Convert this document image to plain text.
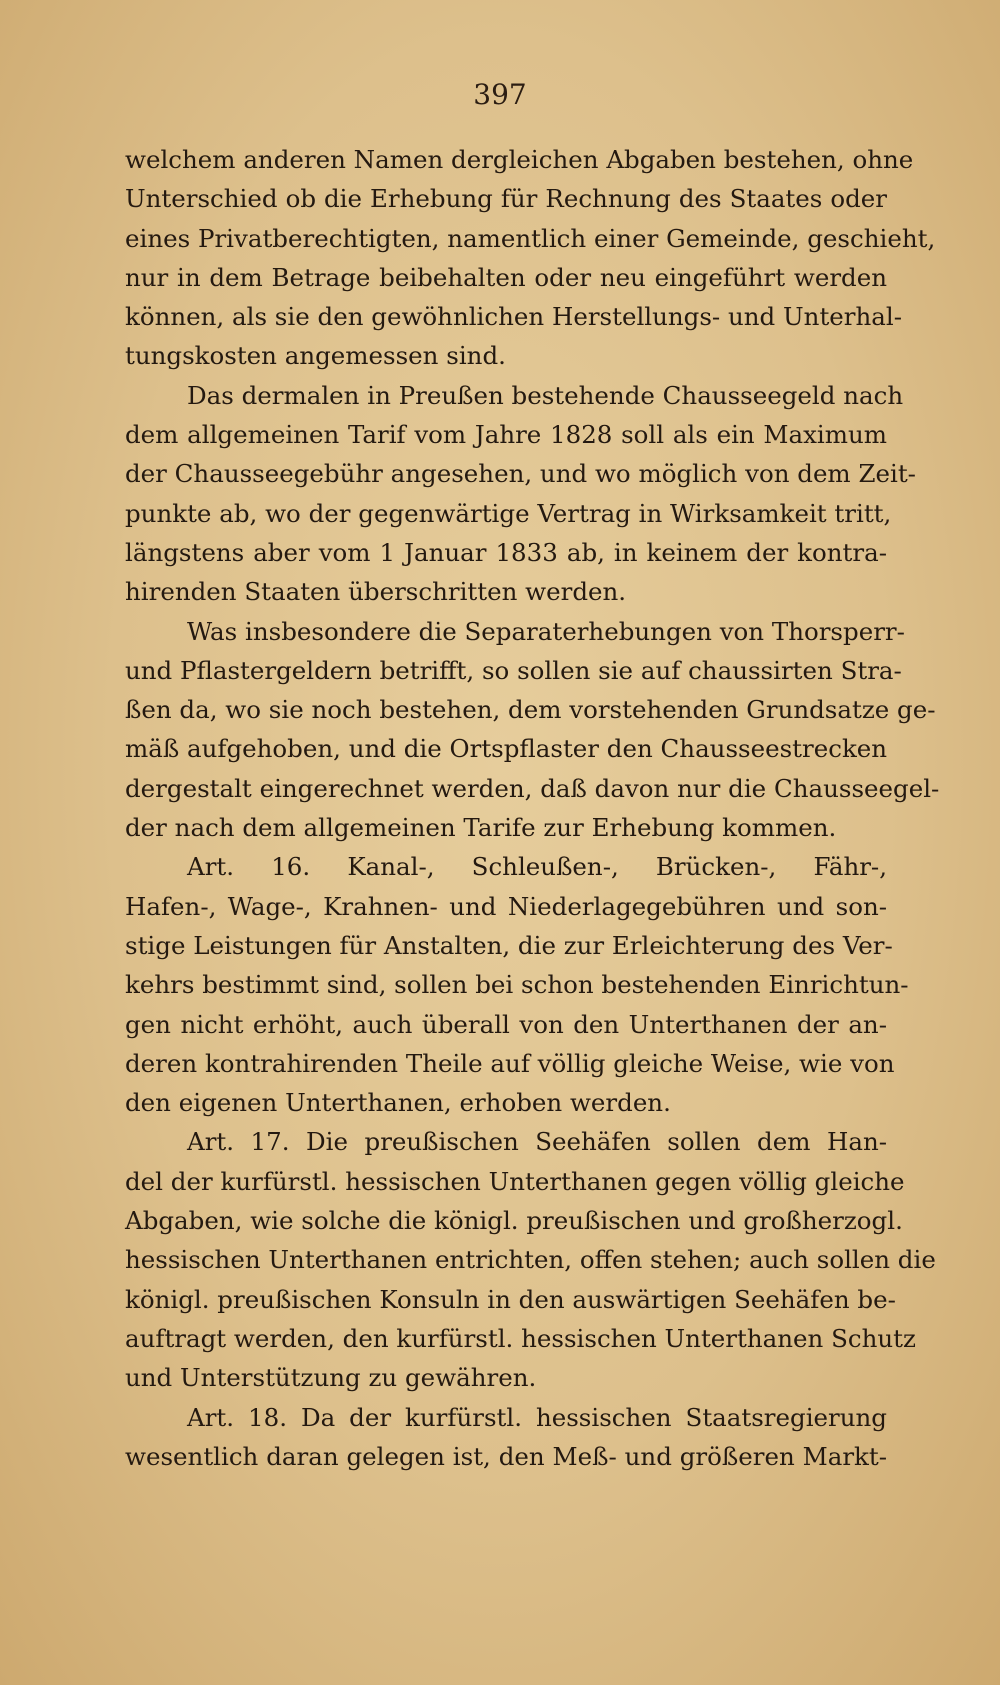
397
welchem anderen Namen dergleichen Abgaben bestehen, ohne
Unterschied ob die Erhebung für Rechnung des Staates oder
eines Privatberechtigten, namentlich einer Gemeinde, geschieht,
nur in dem Betrage beibehalten oder neu eingeführt werden
können, als sie den gewöhnlichen Herstellungs- und Unterhal-
tungskosten angemessen sind.
Das dermalen in Preußen bestehende Chausseegeld nach
dem allgemeinen Tarif vom Jahre 1828 soll als ein Maximum
der Chausseegebühr angesehen, und wo möglich von dem Zeit-
punkte ab, wo der gegenwärtige Vertrag in Wirksamkeit tritt,
längstens aber vom 1 Januar 1833 ab, in keinem der kontra-
hirenden Staaten überschritten werden.
Was insbesondere die Separaterhebungen von Thorsperr-
und Pflastergeldern betrifft, so sollen sie auf chaussirten Stra-
ßen da, wo sie noch bestehen, dem vorstehenden Grundsatze ge-
mäß aufgehoben, und die Ortspflaster den Chausseestrecken
dergestalt eingerechnet werden, daß davon nur die Chausseegel-
der nach dem allgemeinen Tarife zur Erhebung kommen.
Art. 16. Kanal-, Schleußen-, Brücken-, Fähr-,
Hafen-, Wage-, Krahnen- und Niederlagegebühren und son-
stige Leistungen für Anstalten, die zur Erleichterung des Ver-
kehrs bestimmt sind, sollen bei schon bestehenden Einrichtun-
gen nicht erhöht, auch überall von den Unterthanen der an-
deren kontrahirenden Theile auf völlig gleiche Weise, wie von
den eigenen Unterthanen, erhoben werden.
Art. 17. Die preußischen Seehäfen sollen dem Han-
del der kurfürstl. hessischen Unterthanen gegen völlig gleiche
Abgaben, wie solche die königl. preußischen und großherzogl.
hessischen Unterthanen entrichten, offen stehen; auch sollen die
königl. preußischen Konsuln in den auswärtigen Seehäfen be-
auftragt werden, den kurfürstl. hessischen Unterthanen Schutz
und Unterstützung zu gewähren.
Art. 18. Da der kurfürstl. hessischen Staatsregierung
wesentlich daran gelegen ist, den Meß- und größeren Markt-
